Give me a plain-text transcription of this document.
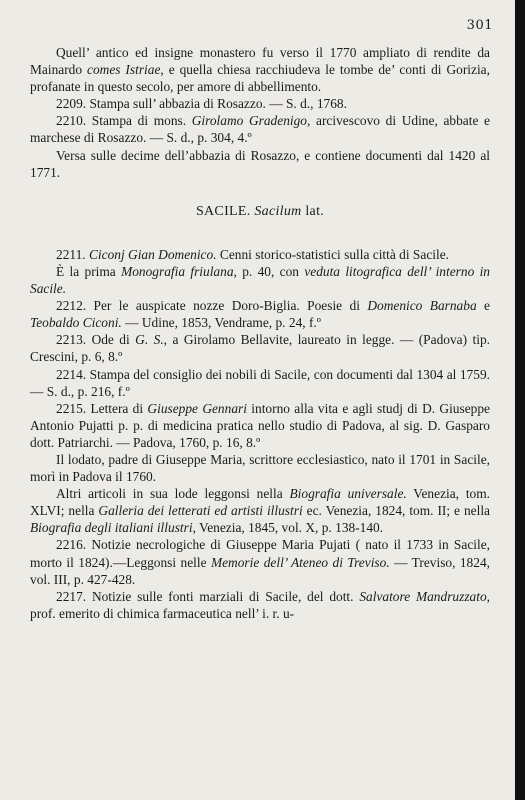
301

Quell’ antico ed insigne monastero fu verso il 1770 ampliato di rendite da Mainardo comes Istriae, e quella chiesa racchiudeva le tombe de’ conti di Gorizia, profanate in questo secolo, per amore di abbellimento.

2209. Stampa sull’ abbazia di Rosazzo. — S. d., 1768.

2210. Stampa di mons. Girolamo Gradenigo, arcivescovo di Udine, abbate e marchese di Rosazzo. — S. d., p. 304, 4.º

Versa sulle decime dell’abbazia di Rosazzo, e contiene documenti dal 1420 al 1771.

SACILE. Sacilum lat.

2211. Ciconj Gian Domenico. Cenni storico-statistici sulla città di Sacile.

È la prima Monografia friulana, p. 40, con veduta litografica dell’ interno in Sacile.

2212. Per le auspicate nozze Doro-Biglia. Poesie di Domenico Barnaba e Teobaldo Ciconi. — Udine, 1853, Vendrame, p. 24, f.º

2213. Ode di G. S., a Girolamo Bellavite, laureato in legge. — (Padova) tip. Crescini, p. 6, 8.º

2214. Stampa del consiglio dei nobili di Sacile, con documenti dal 1304 al 1759. — S. d., p. 216, f.º

2215. Lettera di Giuseppe Gennari intorno alla vita e agli studj di D. Giuseppe Antonio Pujatti p. p. di medicina pratica nello studio di Padova, al sig. D. Gasparo dott. Patriarchi. — Padova, 1760, p. 16, 8.º

Il lodato, padre di Giuseppe Maria, scrittore ecclesiastico, nato il 1701 in Sacile, morì in Padova il 1760.

Altri articoli in sua lode leggonsi nella Biografia universale. Venezia, tom. XLVI; nella Galleria dei letterati ed artisti illustri ec. Venezia, 1824, tom. II; e nella Biografia degli italiani illustri, Venezia, 1845, vol. X, p. 138-140.

2216. Notizie necrologiche di Giuseppe Maria Pujati ( nato il 1733 in Sacile, morto il 1824).—Leggonsi nelle Memorie dell’ Ateneo di Treviso. — Treviso, 1824, vol. III, p. 427-428.

2217. Notizie sulle fonti marziali di Sacile, del dott. Salvatore Mandruzzato, prof. emerito di chimica farmaceutica nell’ i. r. u-
